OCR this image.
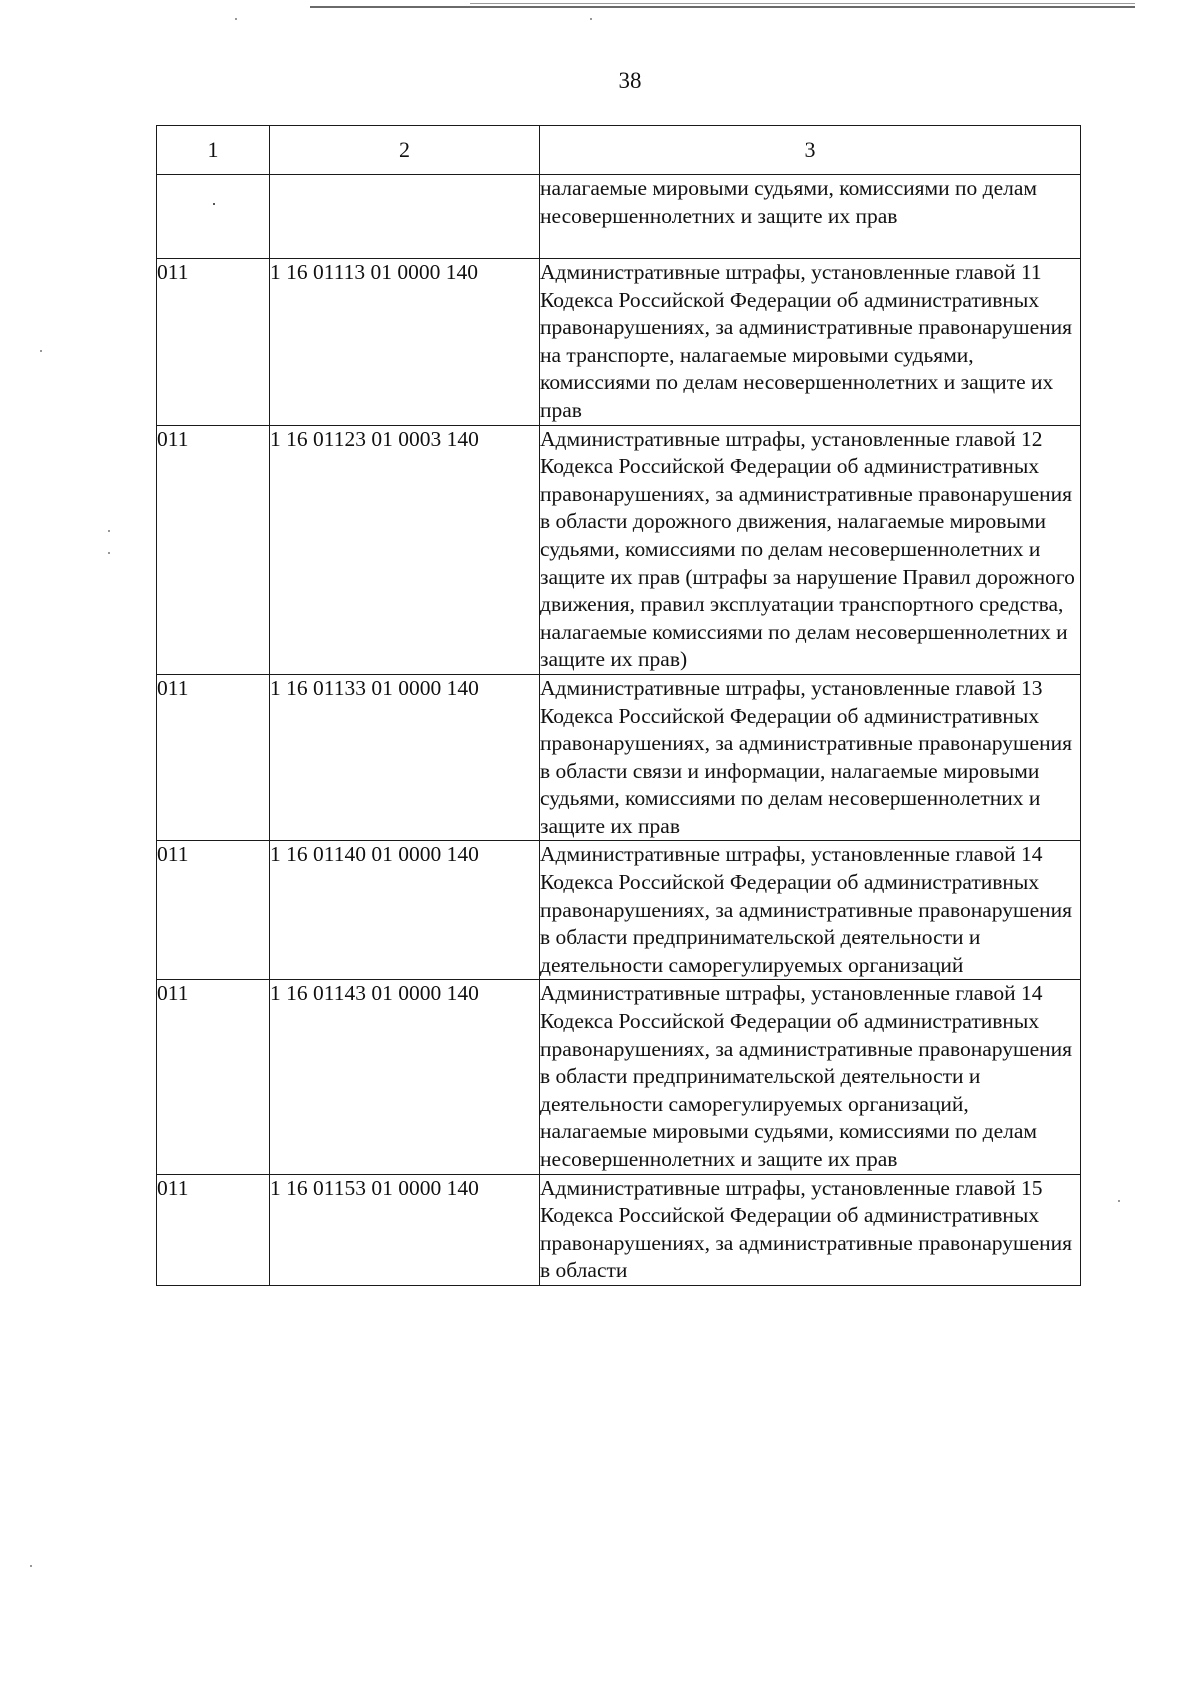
38
1	2	3
		налагаемые мировыми судьями, комиссиями по делам несовершеннолетних и защите их прав
011	1 16 01113 01 0000 140	Административные штрафы, установленные главой 11 Кодекса Российской Федерации об административных правонарушениях, за административные правонарушения на транспорте, налагаемые мировыми судьями, комиссиями по делам несовершеннолетних и защите их прав
011	1 16 01123 01 0003 140	Административные штрафы, установленные главой 12 Кодекса Российской Федерации об административных правонарушениях, за административные правонарушения в области дорожного движения, налагаемые мировыми судьями, комиссиями по делам несовершеннолетних и защите их прав (штрафы за нарушение Правил дорожного движения, правил эксплуатации транспортного средства, налагаемые комиссиями по делам несовершеннолетних и защите их прав)
011	1 16 01133 01 0000 140	Административные штрафы, установленные главой 13 Кодекса Российской Федерации об административных правонарушениях, за административные правонарушения в области связи и информации, налагаемые мировыми судьями, комиссиями по делам несовершеннолетних и защите их прав
011	1 16 01140 01 0000 140	Административные штрафы, установленные главой 14 Кодекса Российской Федерации об административных правонарушениях, за административные правонарушения в области предпринимательской деятельности и деятельности саморегулируемых организаций
011	1 16 01143 01 0000 140	Административные штрафы, установленные главой 14 Кодекса Российской Федерации об административных правонарушениях, за административные правонарушения в области предпринимательской деятельности и деятельности саморегулируемых организаций, налагаемые мировыми судьями, комиссиями по делам несовершеннолетних и защите их прав
011	1 16 01153 01 0000 140	Административные штрафы, установленные главой 15 Кодекса Российской Федерации об административных правонарушениях, за административные правонарушения в области
